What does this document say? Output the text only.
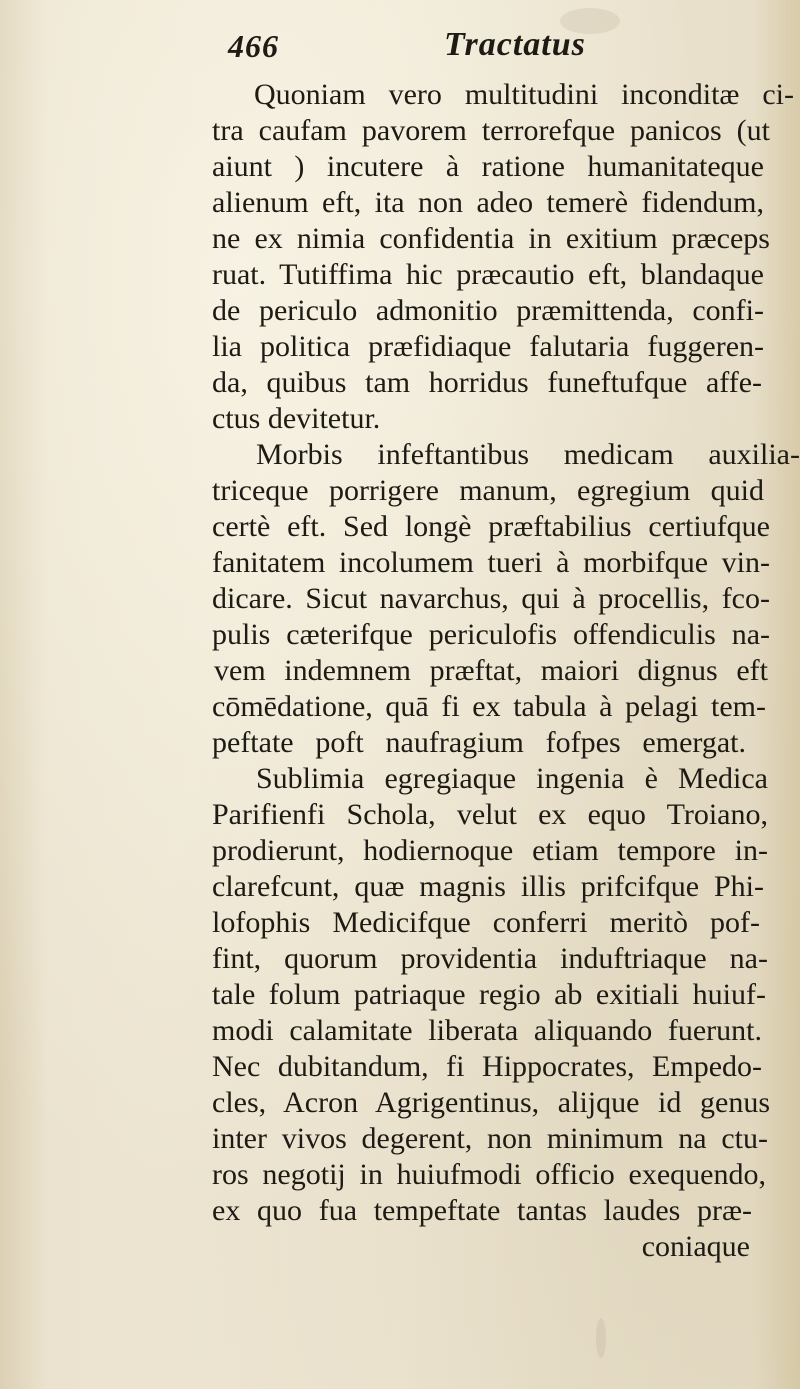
466	Tractatus
Quoniam vero multitudini inconditæ ci-
tra caufam pavorem terrorefque panicos (ut
aiunt ) incutere à ratione humanitateque
alienum eft, ita non adeo temerè fidendum,
ne ex nimia confidentia in exitium præceps
ruat. Tutiffima hic præcautio eft, blandaque
de periculo admonitio præmittenda, confi-
lia politica præfidiaque falutaria fuggeren-
da, quibus tam horridus funeftufque affe-
ctus devitetur.
Morbis infeftantibus medicam auxilia-
triceque porrigere manum, egregium quid
certè eft. Sed longè præftabilius certiufque
fanitatem incolumem tueri à morbifque vin-
dicare. Sicut navarchus, qui à procellis, fco-
pulis cæterifque periculofis offendiculis na-
vem indemnem præftat, maiori dignus eft
cōmēdatione, quā fi ex tabula à pelagi tem-
peftate poft naufragium fofpes emergat.
Sublimia egregiaque ingenia è Medica
Parifienfi Schola, velut ex equo Troiano,
prodierunt, hodiernoque etiam tempore in-
clarefcunt, quæ magnis illis prifcifque Phi-
lofophis Medicifque conferri meritò pof-
fint, quorum providentia induftriaque na-
tale folum patriaque regio ab exitiali huiuf-
modi calamitate liberata aliquando fuerunt.
Nec dubitandum, fi Hippocrates, Empedo-
cles, Acron Agrigentinus, alijque id genus
inter vivos degerent, non minimum na ctu-
ros negotij in huiufmodi officio exequendo,
ex quo fua tempeftate tantas laudes præ-
coniaque
